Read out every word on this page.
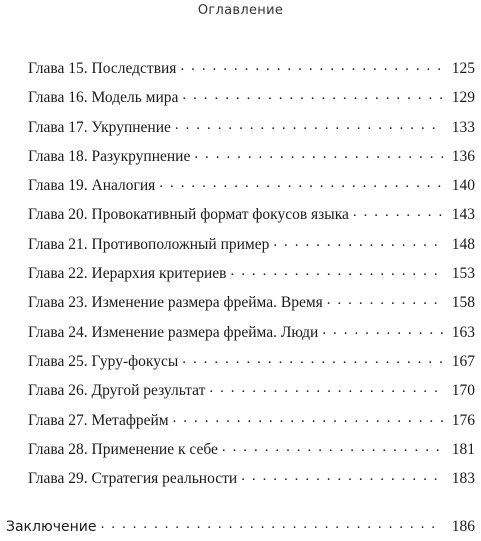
Оглавление
Глава 15. Последствия . . .	125
Глава 16. Модель мира . . .	129
Глава 17. Укрупнение . . .	133
Глава 18. Разукрупнение . . .	136
Глава 19. Аналогия . . .	140
Глава 20. Провокативный формат фокусов языка . . .	143
Глава 21. Противоположный пример . . .	148
Глава 22. Иерархия критериев . . .	153
Глава 23. Изменение размера фрейма. Время . . .	158
Глава 24. Изменение размера фрейма. Люди . . .	163
Глава 25. Гуру-фокусы . . .	167
Глава 26. Другой результат . . .	170
Глава 27. Метафрейм . . .	176
Глава 28. Применение к себе . . .	181
Глава 29. Стратегия реальности . . .	183
Заключение . . .	186
